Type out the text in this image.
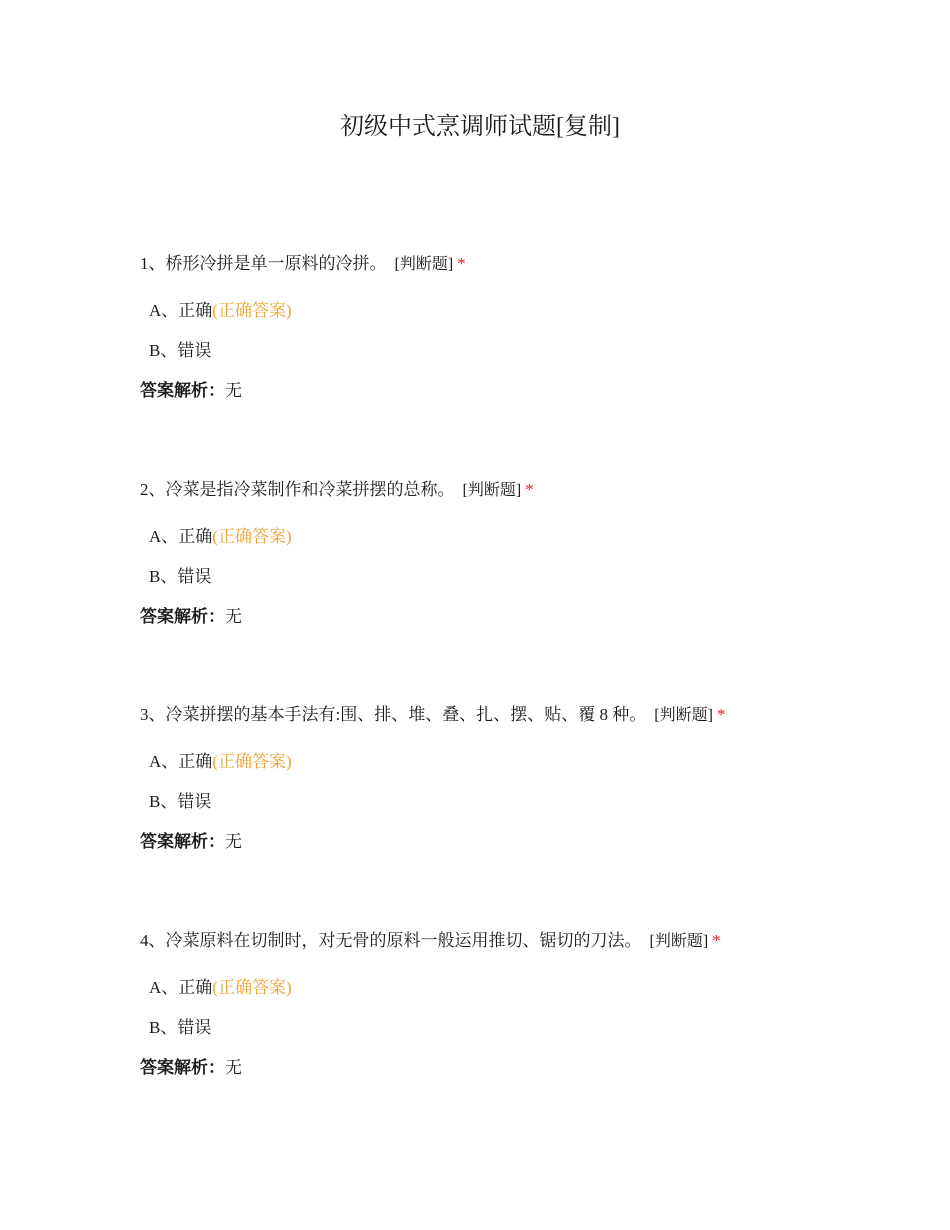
初级中式烹调师试题[复制]
1、桥形冷拼是单一原料的冷拼。 [判断题] *
A、正确(正确答案)
B、错误
答案解析：无
2、冷菜是指冷菜制作和冷菜拼摆的总称。 [判断题] *
A、正确(正确答案)
B、错误
答案解析：无
3、冷菜拼摆的基本手法有:围、排、堆、叠、扎、摆、贴、覆 8 种。 [判断题] *
A、正确(正确答案)
B、错误
答案解析：无
4、冷菜原料在切制时，对无骨的原料一般运用推切、锯切的刀法。 [判断题] *
A、正确(正确答案)
B、错误
答案解析：无
